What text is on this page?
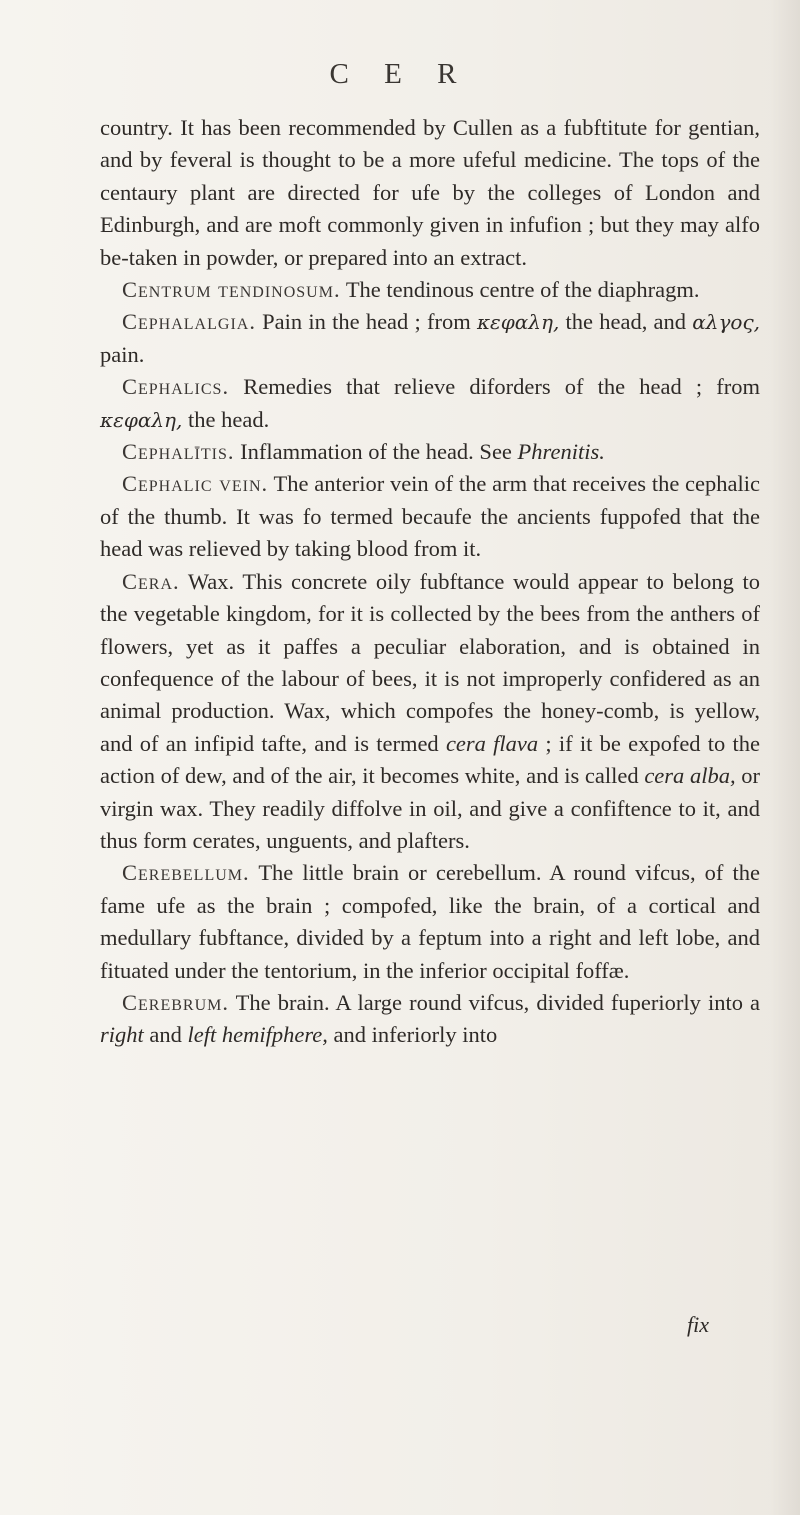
C E R

country. It has been recommended by Cullen as a fubftitute for gentian, and by feveral is thought to be a more ufeful medicine. The tops of the centaury plant are directed for ufe by the colleges of London and Edinburgh, and are moft commonly given in infufion ; but they may alfo be-taken in powder, or prepared into an extract.

Centrum tendinosum. The tendinous centre of the diaphragm.

Cephalalgia. Pain in the head ; from κεφαλη, the head, and αλγος, pain.

Cephalics. Remedies that relieve diforders of the head ; from κεφαλη, the head.

Cephalītis. Inflammation of the head. See Phrenitis.

Cephalic vein. The anterior vein of the arm that receives the cephalic of the thumb. It was fo termed becaufe the ancients fuppofed that the head was relieved by taking blood from it.

Cera. Wax. This concrete oily fubftance would appear to belong to the vegetable kingdom, for it is collected by the bees from the anthers of flowers, yet as it paffes a peculiar elaboration, and is obtained in confequence of the labour of bees, it is not improperly confidered as an animal production. Wax, which compofes the honey-comb, is yellow, and of an infipid tafte, and is termed cera flava ; if it be expofed to the action of dew, and of the air, it becomes white, and is called cera alba, or virgin wax. They readily diffolve in oil, and give a confiftence to it, and thus form cerates, unguents, and plafters.

Cerebellum. The little brain or cerebellum. A round vifcus, of the fame ufe as the brain ; compofed, like the brain, of a cortical and medullary fubftance, divided by a feptum into a right and left lobe, and fituated under the tentorium, in the inferior occipital foffæ.

Cerebrum. The brain. A large round vifcus, divided fuperiorly into a right and left hemifphere, and inferiorly into

fix
